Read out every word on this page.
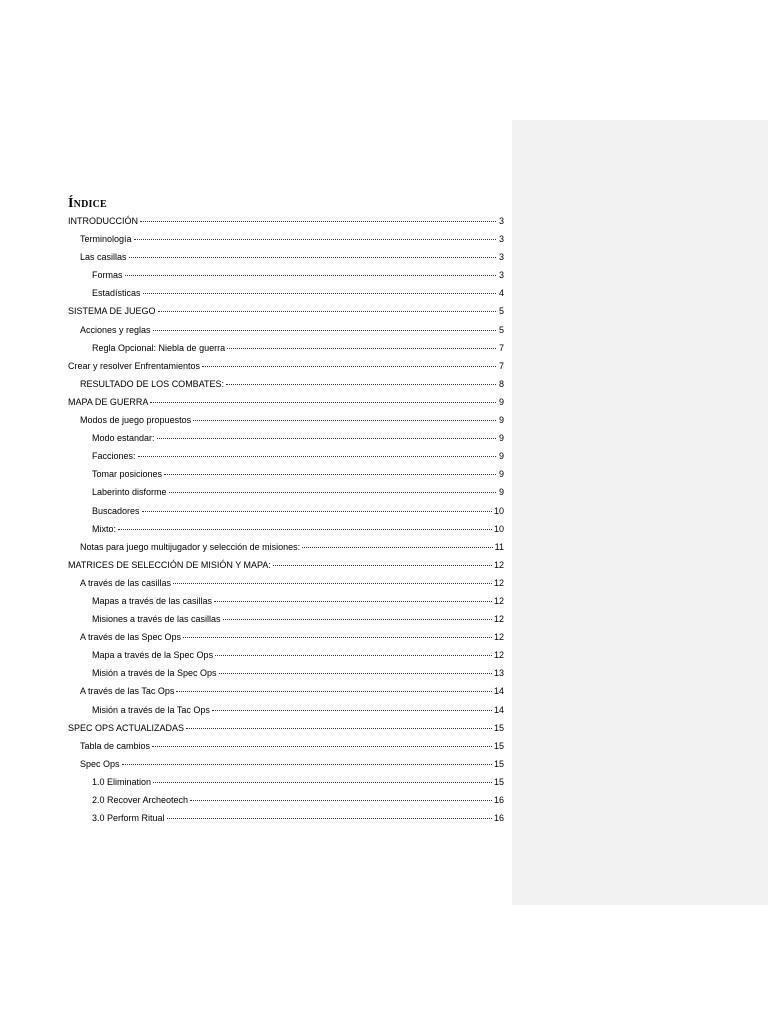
Índice
INTRODUCCIÓN	3
Terminología	3
Las casillas	3
Formas	3
Estadísticas	4
SISTEMA DE JUEGO	5
Acciones y reglas	5
Regla Opcional: Niebla de guerra	7
Crear y resolver Enfrentamientos	7
RESULTADO DE LOS COMBATES:	8
MAPA DE GUERRA	9
Modos de juego propuestos	9
Modo estandar:	9
Facciones:	9
Tomar posiciones	9
Laberinto disforme	9
Buscadores	10
Mixto:	10
Notas para juego multijugador y selección de misiones:	11
MATRICES DE SELECCIÓN DE MISIÓN Y MAPA:	12
A través de las casillas	12
Mapas a través de las casillas	12
Misiones a través de las casillas	12
A través de las Spec Ops	12
Mapa a través de la Spec Ops	12
Misión a través de la Spec Ops	13
A través de las Tac Ops	14
Misión a través de la Tac Ops	14
SPEC OPS ACTUALIZADAS	15
Tabla de cambios	15
Spec Ops	15
1.0 Elimination	15
2.0 Recover Archeotech	16
3.0 Perform Ritual	16
